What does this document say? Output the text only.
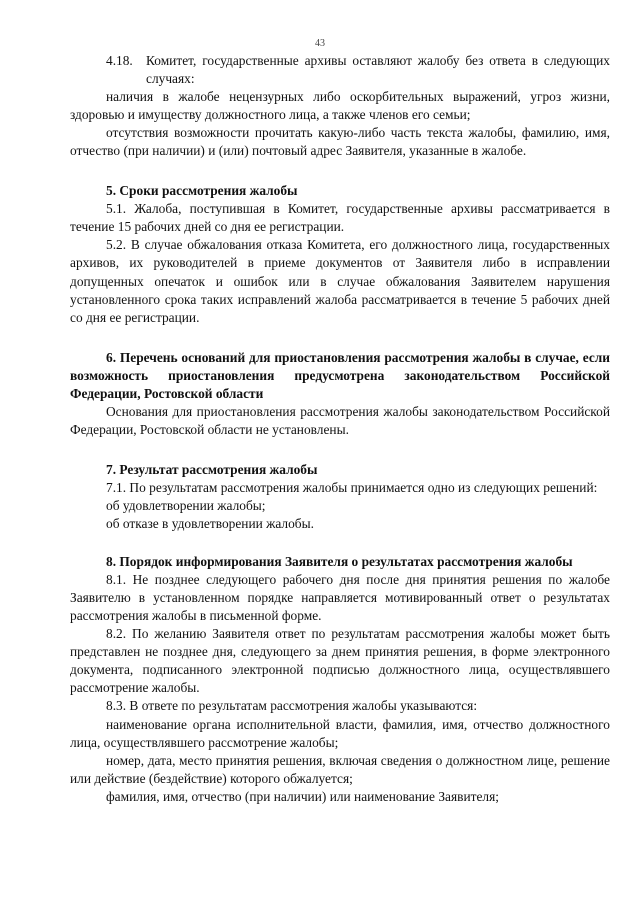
43
4.18. Комитет, государственные архивы оставляют жалобу без ответа в следующих случаях:

наличия в жалобе нецензурных либо оскорбительных выражений, угроз жизни, здоровью и имуществу должностного лица, а также членов его семьи;

отсутствия возможности прочитать какую-либо часть текста жалобы, фамилию, имя, отчество (при наличии) и (или) почтовый адрес Заявителя, указанные в жалобе.

5. Сроки рассмотрения жалобы

5.1. Жалоба, поступившая в Комитет, государственные архивы рассматривается в течение 15 рабочих дней со дня ее регистрации.

5.2. В случае обжалования отказа Комитета, его должностного лица, государственных архивов, их руководителей в приеме документов от Заявителя либо в исправлении допущенных опечаток и ошибок или в случае обжалования Заявителем нарушения установленного срока таких исправлений жалоба рассматривается в течение 5 рабочих дней со дня ее регистрации.

6. Перечень оснований для приостановления рассмотрения жалобы в случае, если возможность приостановления предусмотрена законодательством Российской Федерации, Ростовской области

Основания для приостановления рассмотрения жалобы законодательством Российской Федерации, Ростовской области не установлены.

7. Результат рассмотрения жалобы

7.1. По результатам рассмотрения жалобы принимается одно из следующих решений:

об удовлетворении жалобы;

об отказе в удовлетворении жалобы.

8. Порядок информирования Заявителя о результатах рассмотрения жалобы

8.1. Не позднее следующего рабочего дня после дня принятия решения по жалобе Заявителю в установленном порядке направляется мотивированный ответ о результатах рассмотрения жалобы в письменной форме.

8.2. По желанию Заявителя ответ по результатам рассмотрения жалобы может быть представлен не позднее дня, следующего за днем принятия решения, в форме электронного документа, подписанного электронной подписью должностного лица, осуществлявшего рассмотрение жалобы.

8.3. В ответе по результатам рассмотрения жалобы указываются:

наименование органа исполнительной власти, фамилия, имя, отчество должностного лица, осуществлявшего рассмотрение жалобы;

номер, дата, место принятия решения, включая сведения о должностном лице, решение или действие (бездействие) которого обжалуется;

фамилия, имя, отчество (при наличии) или наименование Заявителя;
